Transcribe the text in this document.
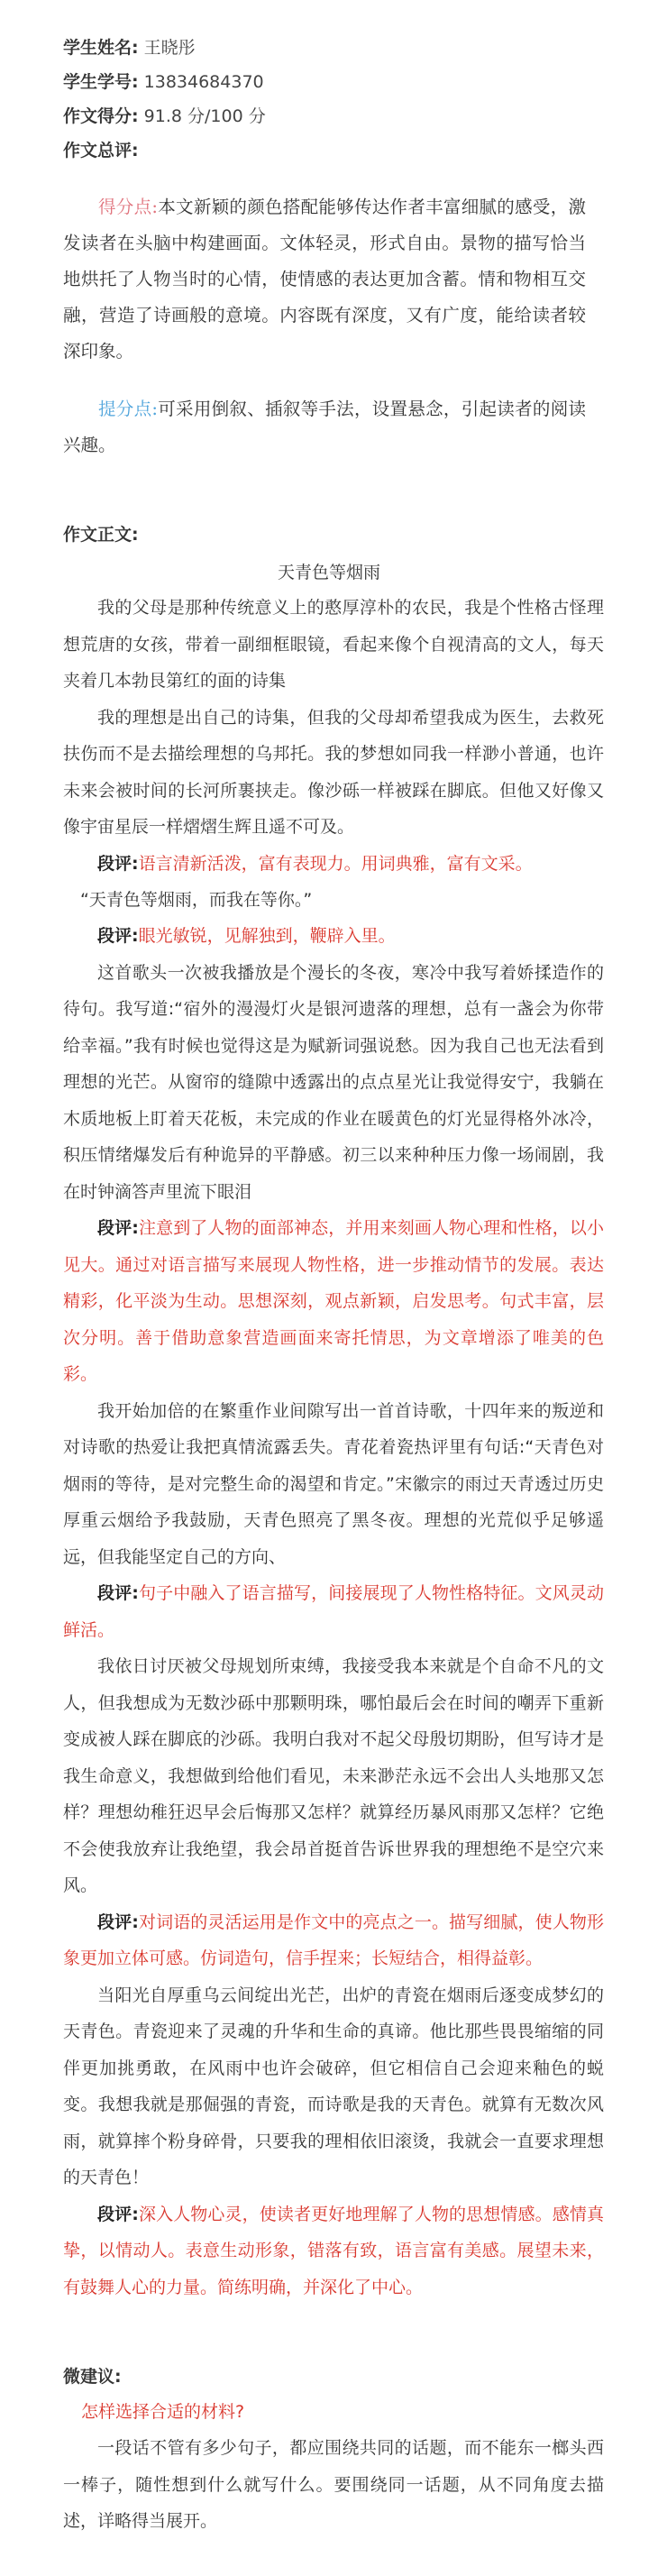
学生姓名: 王晓彤
学生学号: 13834684370
作文得分: 91.8 分/100 分
作文总评:
得分点:本文新颖的颜色搭配能够传达作者丰富细腻的感受，激发读者在头脑中构建画面。文体轻灵，形式自由。景物的描写恰当地烘托了人物当时的心情，使情感的表达更加含蓄。情和物相互交融，营造了诗画般的意境。内容既有深度，又有广度，能给读者较深印象。
提分点:可采用倒叙、插叙等手法，设置悬念，引起读者的阅读兴趣。
作文正文:
天青色等烟雨
我的父母是那种传统意义上的憨厚淳朴的农民，我是个性格古怪理想荒唐的女孩，带着一副细框眼镜，看起来像个自视清高的文人，每天夹着几本勃艮第红的面的诗集
我的理想是出自己的诗集，但我的父母却希望我成为医生，去救死扶伤而不是去描绘理想的乌邦托。我的梦想如同我一样渺小普通，也许未来会被时间的长河所裹挟走。像沙砾一样被踩在脚底。但他又好像又像宇宙星辰一样熠熠生辉且遥不可及。
段评:语言清新活泼，富有表现力。用词典雅，富有文采。
“天青色等烟雨，而我在等你。”
段评:眼光敏锐，见解独到，鞭辟入里。
这首歌头一次被我播放是个漫长的冬夜，寒冷中我写着娇揉造作的待句。我写道:“宿外的漫漫灯火是银河遗落的理想，总有一盏会为你带给幸福。”我有时候也觉得这是为赋新词强说愁。因为我自己也无法看到理想的光芒。从窗帘的缝隙中透露出的点点星光让我觉得安宁，我躺在木质地板上盯着天花板，未完成的作业在暖黄色的灯光显得格外冰冷，积压情绪爆发后有种诡异的平静感。初三以来种种压力像一场闹剧，我在时钟滴答声里流下眼泪
段评:注意到了人物的面部神态，并用来刻画人物心理和性格，以小见大。通过对语言描写来展现人物性格，进一步推动情节的发展。表达精彩，化平淡为生动。思想深刻，观点新颖，启发思考。句式丰富，层次分明。善于借助意象营造画面来寄托情思，为文章增添了唯美的色彩。
我开始加倍的在繁重作业间隙写出一首首诗歌，十四年来的叛逆和对诗歌的热爱让我把真情流露丢失。青花着瓷热评里有句话:“天青色对烟雨的等待，是对完整生命的渴望和肯定。”宋徽宗的雨过天青透过历史厚重云烟给予我鼓励，天青色照亮了黑冬夜。理想的光荒似乎足够遥远，但我能坚定自己的方向、
段评:句子中融入了语言描写，间接展现了人物性格特征。文风灵动鲜活。
我依日讨厌被父母规划所束缚，我接受我本来就是个自命不凡的文人，但我想成为无数沙砾中那颗明珠，哪怕最后会在时间的嘲弄下重新变成被人踩在脚底的沙砾。我明白我对不起父母殷切期盼，但写诗才是我生命意义，我想做到给他们看见，未来渺茫永远不会出人头地那又怎样？理想幼稚狂迟早会后悔那又怎样？就算经历暴风雨那又怎样？它绝不会使我放弃让我绝望，我会昂首挺首告诉世界我的理想绝不是空穴来风。
段评:对词语的灵活运用是作文中的亮点之一。描写细腻，使人物形象更加立体可感。仿词造句，信手捏来；长短结合，相得益彰。
当阳光自厚重乌云间绽出光芒，出炉的青瓷在烟雨后逐变成梦幻的天青色。青瓷迎来了灵魂的升华和生命的真谛。他比那些畏畏缩缩的同伴更加挑勇敢，在风雨中也许会破碎，但它相信自己会迎来釉色的蜕变。我想我就是那倔强的青瓷，而诗歌是我的天青色。就算有无数次风雨，就算摔个粉身碎骨，只要我的理相依旧滚烫，我就会一直要求理想的天青色！
段评:深入人物心灵，使读者更好地理解了人物的思想情感。感情真挚，以情动人。表意生动形象，错落有致，语言富有美感。展望未来，有鼓舞人心的力量。简练明确，并深化了中心。
微建议:
怎样选择合适的材料?
一段话不管有多少句子，都应围绕共同的话题，而不能东一榔头西一棒子，随性想到什么就写什么。要围绕同一话题，从不同角度去描述，详略得当展开。
